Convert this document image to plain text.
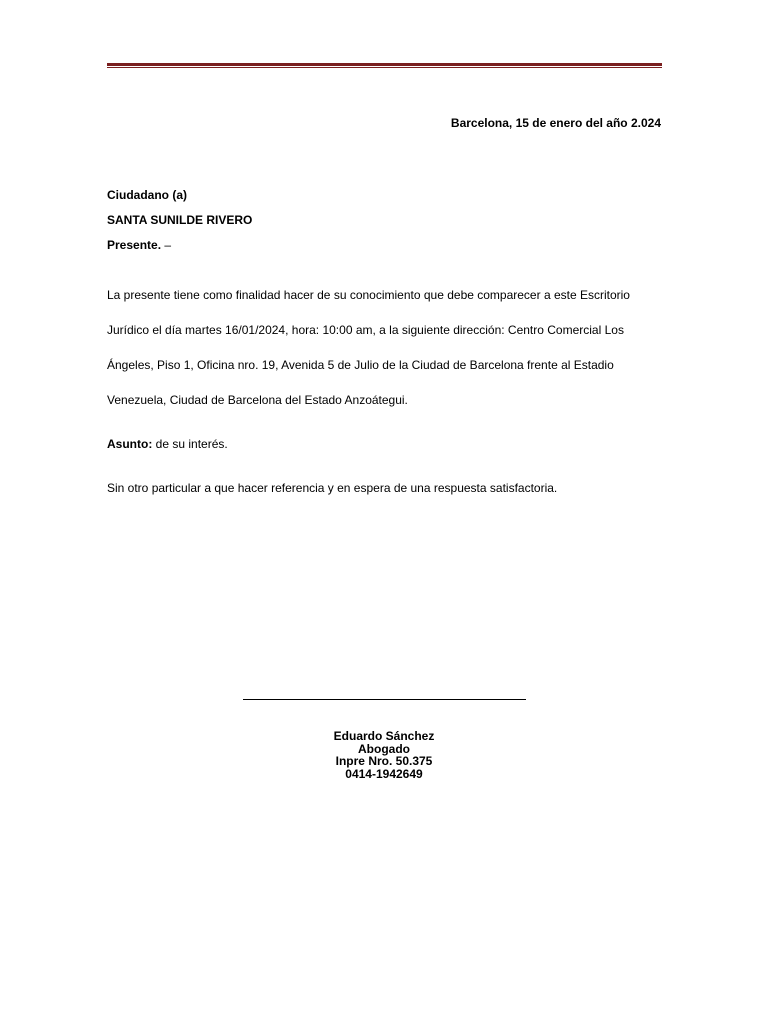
Barcelona, 15 de enero del año 2.024
Ciudadano (a)
SANTA SUNILDE RIVERO
Presente. –
La presente tiene como finalidad hacer de su conocimiento que debe comparecer a este Escritorio
Jurídico el día martes 16/01/2024, hora: 10:00 am, a la siguiente dirección: Centro Comercial Los
Ángeles, Piso 1, Oficina nro. 19, Avenida 5 de Julio de la Ciudad de Barcelona frente al Estadio
Venezuela, Ciudad de Barcelona del Estado Anzoátegui.
Asunto: de su interés.
Sin otro particular a que hacer referencia y en espera de una respuesta satisfactoria.
Eduardo Sánchez
Abogado
Inpre Nro. 50.375
0414-1942649
